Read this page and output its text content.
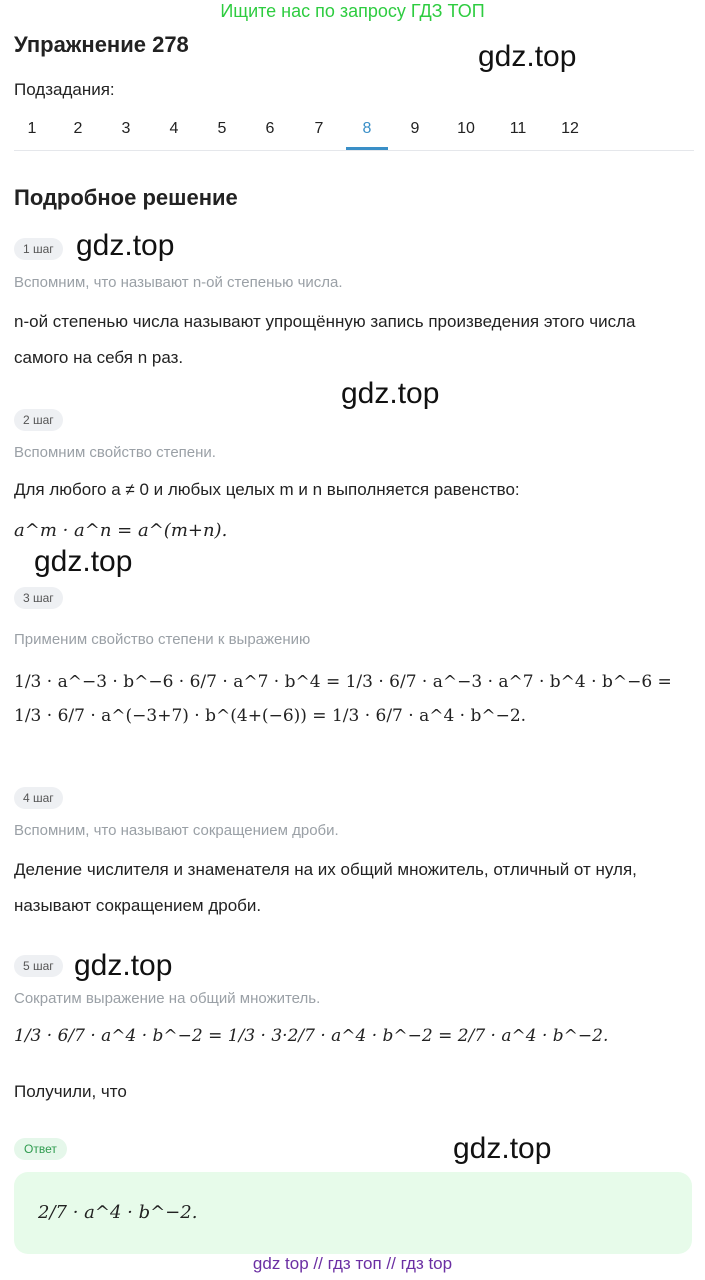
Ищите нас по запросу ГДЗ ТОП
Упражнение 278	gdz.top
Подзадания:
1	2	3	4	5	6	7	8	9	10	11	12
Подробное решение
1 шаг gdz.top
Вспомним, что называют n-ой степенью числа.
n-ой степенью числа называют упрощённую запись произведения этого числа самого на себя n раз.
gdz.top
2 шаг
Вспомним свойство степени.
Для любого a ≠ 0 и любых целых m и n выполняется равенство:
a^m · a^n = a^(m+n).
gdz.top
3 шаг
Применим свойство степени к выражению
1/3 · a^−3 · b^−6 · 6/7 · a^7 · b^4 = 1/3 · 6/7 · a^−3 · a^7 · b^4 · b^−6 = 1/3 · 6/7 · a^(−3+7) · b^(4+(−6)) = 1/3 · 6/7 · a^4 · b^−2.
4 шаг
Вспомним, что называют сокращением дроби.
Деление числителя и знаменателя на их общий множитель, отличный от нуля, называют сокращением дроби.
5 шаг gdz.top
Сократим выражение на общий множитель.
1/3 · 6/7 · a^4 · b^−2 = 1/3 · 3·2/7 · a^4 · b^−2 = 2/7 · a^4 · b^−2.
Получили, что
Ответ	gdz.top
2/7 · a^4 · b^−2.
gdz top // гдз топ // гдз top
